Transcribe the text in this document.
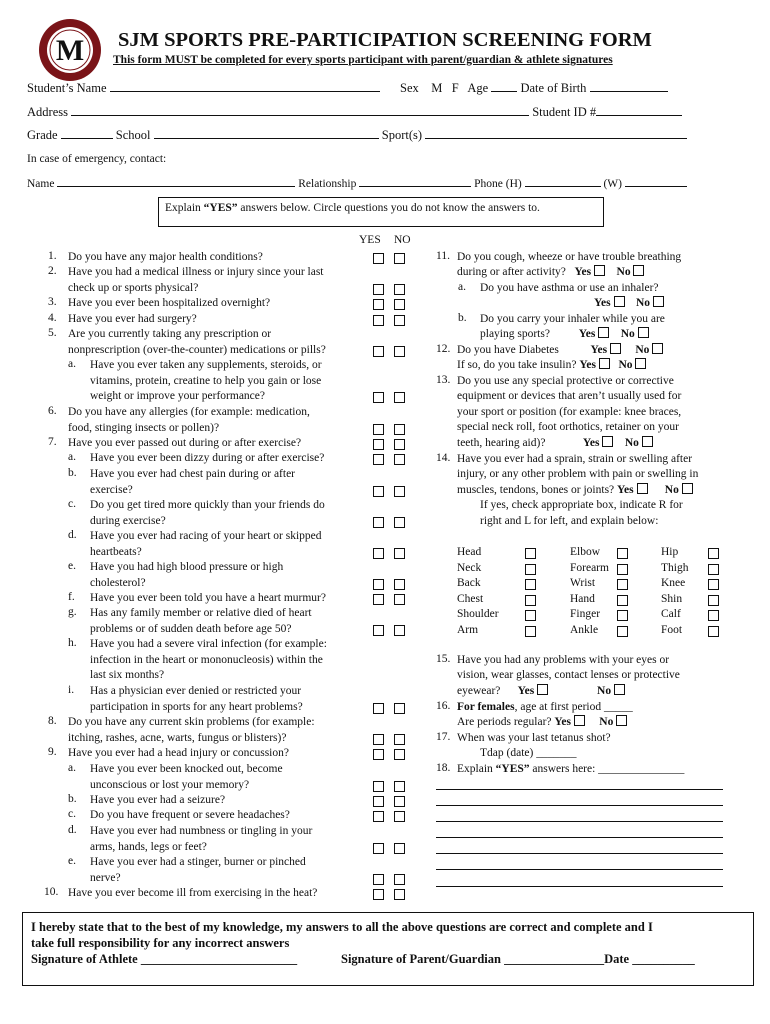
M SJM SPORTS PRE-PARTICIPATION SCREENING FORM
This form MUST be completed for every sports participant with parent/guardian & athlete signatures
Student’s Name	Sex M F Age	Date of Birth
Address	Student ID #
Grade	School	Sport(s)
In case of emergency, contact:
Name	Relationship	Phone (H)	(W)
Explain “YES” answers below. Circle questions you do not know the answers to.
YES NO
1. Do you have any major health conditions?
2. Have you had a medical illness or injury since your last
check up or sports physical?
3. Have you ever been hospitalized overnight?
4. Have you ever had surgery?
5. Are you currently taking any prescription or
nonprescription (over-the-counter) medications or pills?
a. Have you ever taken any supplements, steroids, or
vitamins, protein, creatine to help you gain or lose
weight or improve your performance?
6. Do you have any allergies (for example: medication,
food, stinging insects or pollen)?
7. Have you ever passed out during or after exercise?
a. Have you ever been dizzy during or after exercise?
b. Have you ever had chest pain during or after
exercise?
c. Do you get tired more quickly than your friends do
during exercise?
d. Have you ever had racing of your heart or skipped
heartbeats?
e. Have you had high blood pressure or high
cholesterol?
f. Have you ever been told you have a heart murmur?
g. Has any family member or relative died of heart
problems or of sudden death before age 50?
h. Have you had a severe viral infection (for example:
infection in the heart or mononucleosis) within the
last six months?
i. Has a physician ever denied or restricted your
participation in sports for any heart problems?
8. Do you have any current skin problems (for example:
itching, rashes, acne, warts, fungus or blisters)?
9. Have you ever had a head injury or concussion?
a. Have you ever been knocked out, become
unconscious or lost your memory?
b. Have you ever had a seizure?
c. Do you have frequent or severe headaches?
d. Have you ever had numbness or tingling in your
arms, hands, legs or feet?
e. Have you ever had a stinger, burner or pinched
nerve?
10. Have you ever become ill from exercising in the heat?
11. Do you cough, wheeze or have trouble breathing
during or after activity? Yes No
a. Do you have asthma or use an inhaler?
Yes No
b. Do you carry your inhaler while you are
playing sports?	Yes No
12. Do you have Diabetes	Yes No
If so, do you take insulin? Yes No
13. Do you use any special protective or corrective
equipment or devices that aren’t usually used for
your sport or position (for example: knee braces,
special neck roll, foot orthotics, retainer on your
teeth, hearing aid)?	Yes No
14. Have you ever had a sprain, strain or swelling after
injury, or any other problem with pain or swelling in
muscles, tendons, bones or joints? Yes	No
If yes, check appropriate box, indicate R for
right and L for left, and explain below:
Head	Elbow	Hip
Neck	Forearm	Thigh
Back	Wrist	Knee
Chest	Hand	Shin
Shoulder	Finger	Calf
Arm	Ankle	Foot
15. Have you had any problems with your eyes or
vision, wear glasses, contact lenses or protective
eyewear? Yes	No
16. For females, age at first period _____
Are periods regular? Yes No
17. When was your last tetanus shot?
Tdap (date) _______
18. Explain “YES” answers here: _______________
I hereby state that to the best of my knowledge, my answers to all the above questions are correct and complete and I
take full responsibility for any incorrect answers
Signature of Athlete _________________________	Signature of Parent/Guardian ________________Date __________
